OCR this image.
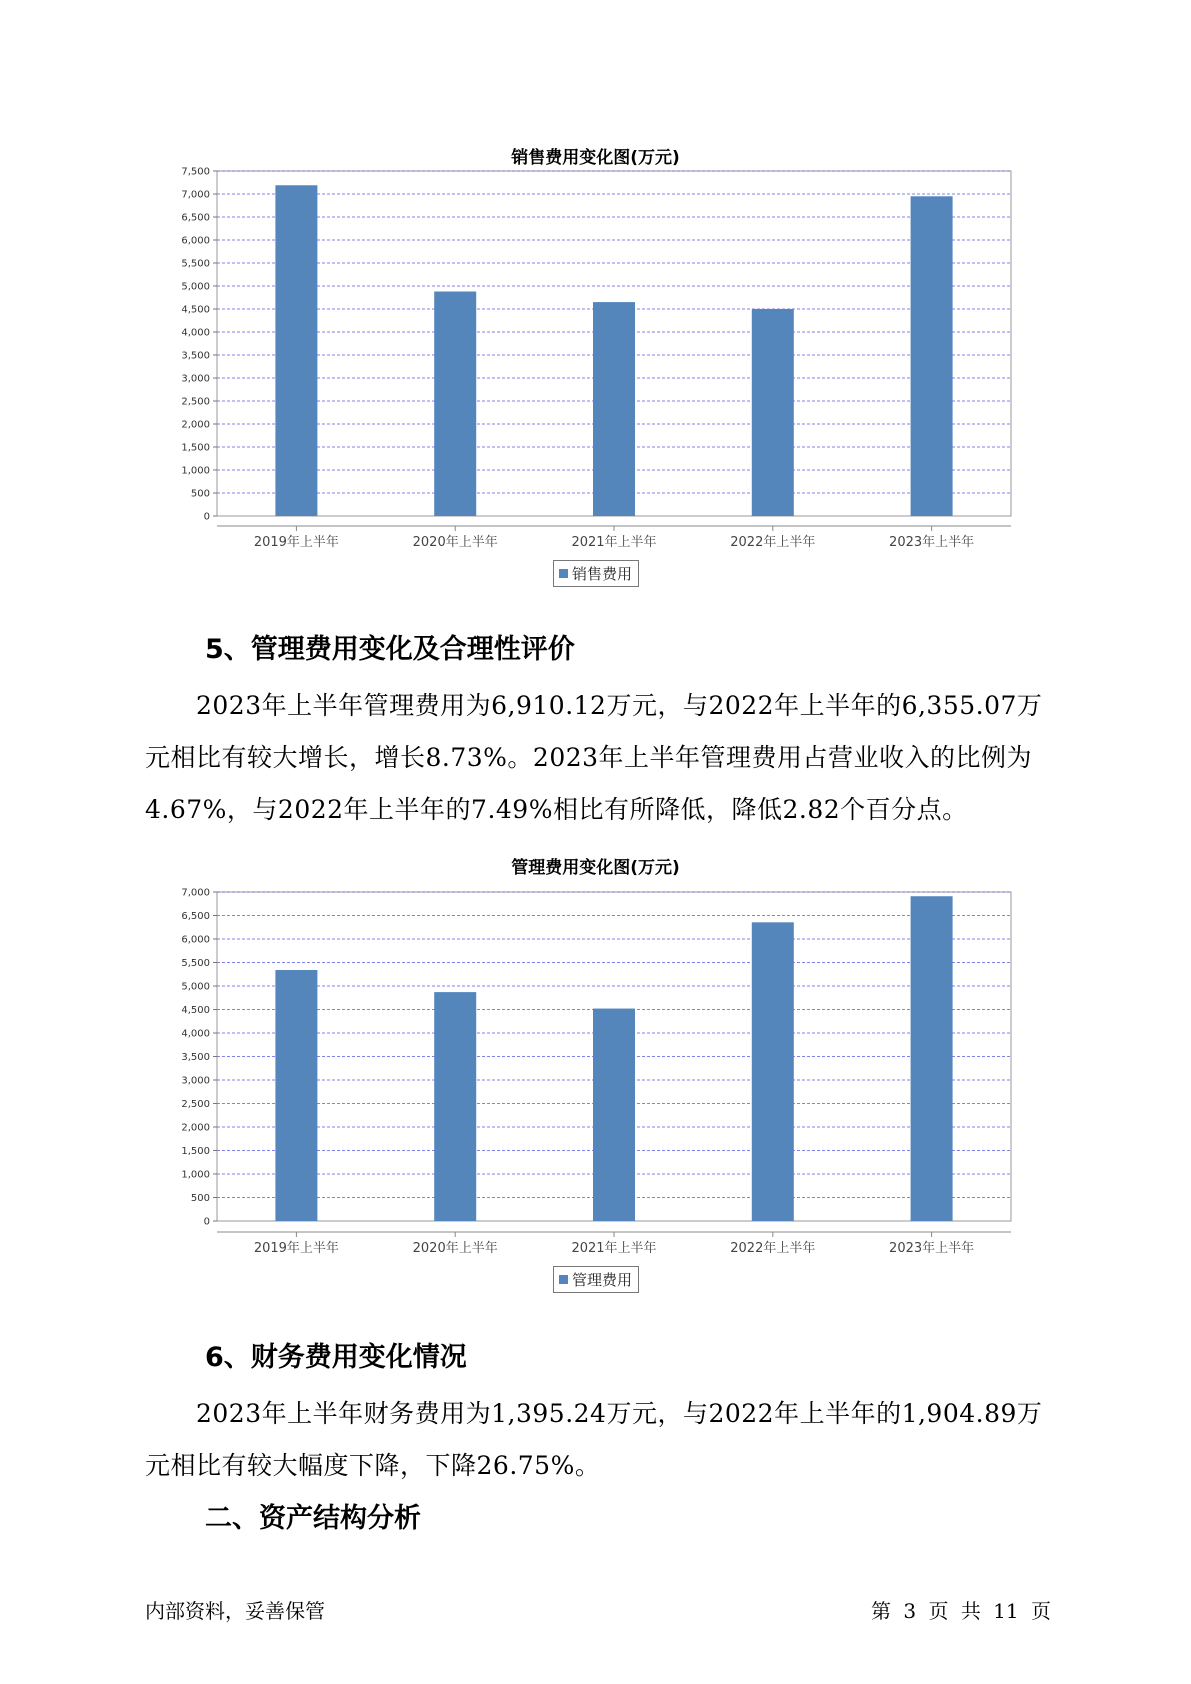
销售费用变化图(万元)
0
500
1,000
1,500
2,000
2,500
3,000
3,500
4,000
4,500
5,000
5,500
6,000
6,500
7,000
7,500
2019年上半年	2020年上半年	2021年上半年	2022年上半年	2023年上半年
销售费用
5、管理费用变化及合理性评价

2023年上半年管理费用为6,910.12万元，与2022年上半年的6,355.07万元相比有较大增长，增长8.73%。2023年上半年管理费用占营业收入的比例为4.67%，与2022年上半年的7.49%相比有所降低，降低2.82个百分点。

管理费用变化图(万元)
0
500
1,000
1,500
2,000
2,500
3,000
3,500
4,000
4,500
5,000
5,500
6,000
6,500
7,000
2019年上半年	2020年上半年	2021年上半年	2022年上半年	2023年上半年
管理费用
6、财务费用变化情况

2023年上半年财务费用为1,395.24万元，与2022年上半年的1,904.89万元相比有较大幅度下降，下降26.75%。

二、资产结构分析
内部资料，妥善保管	第 3 页 共 11 页
